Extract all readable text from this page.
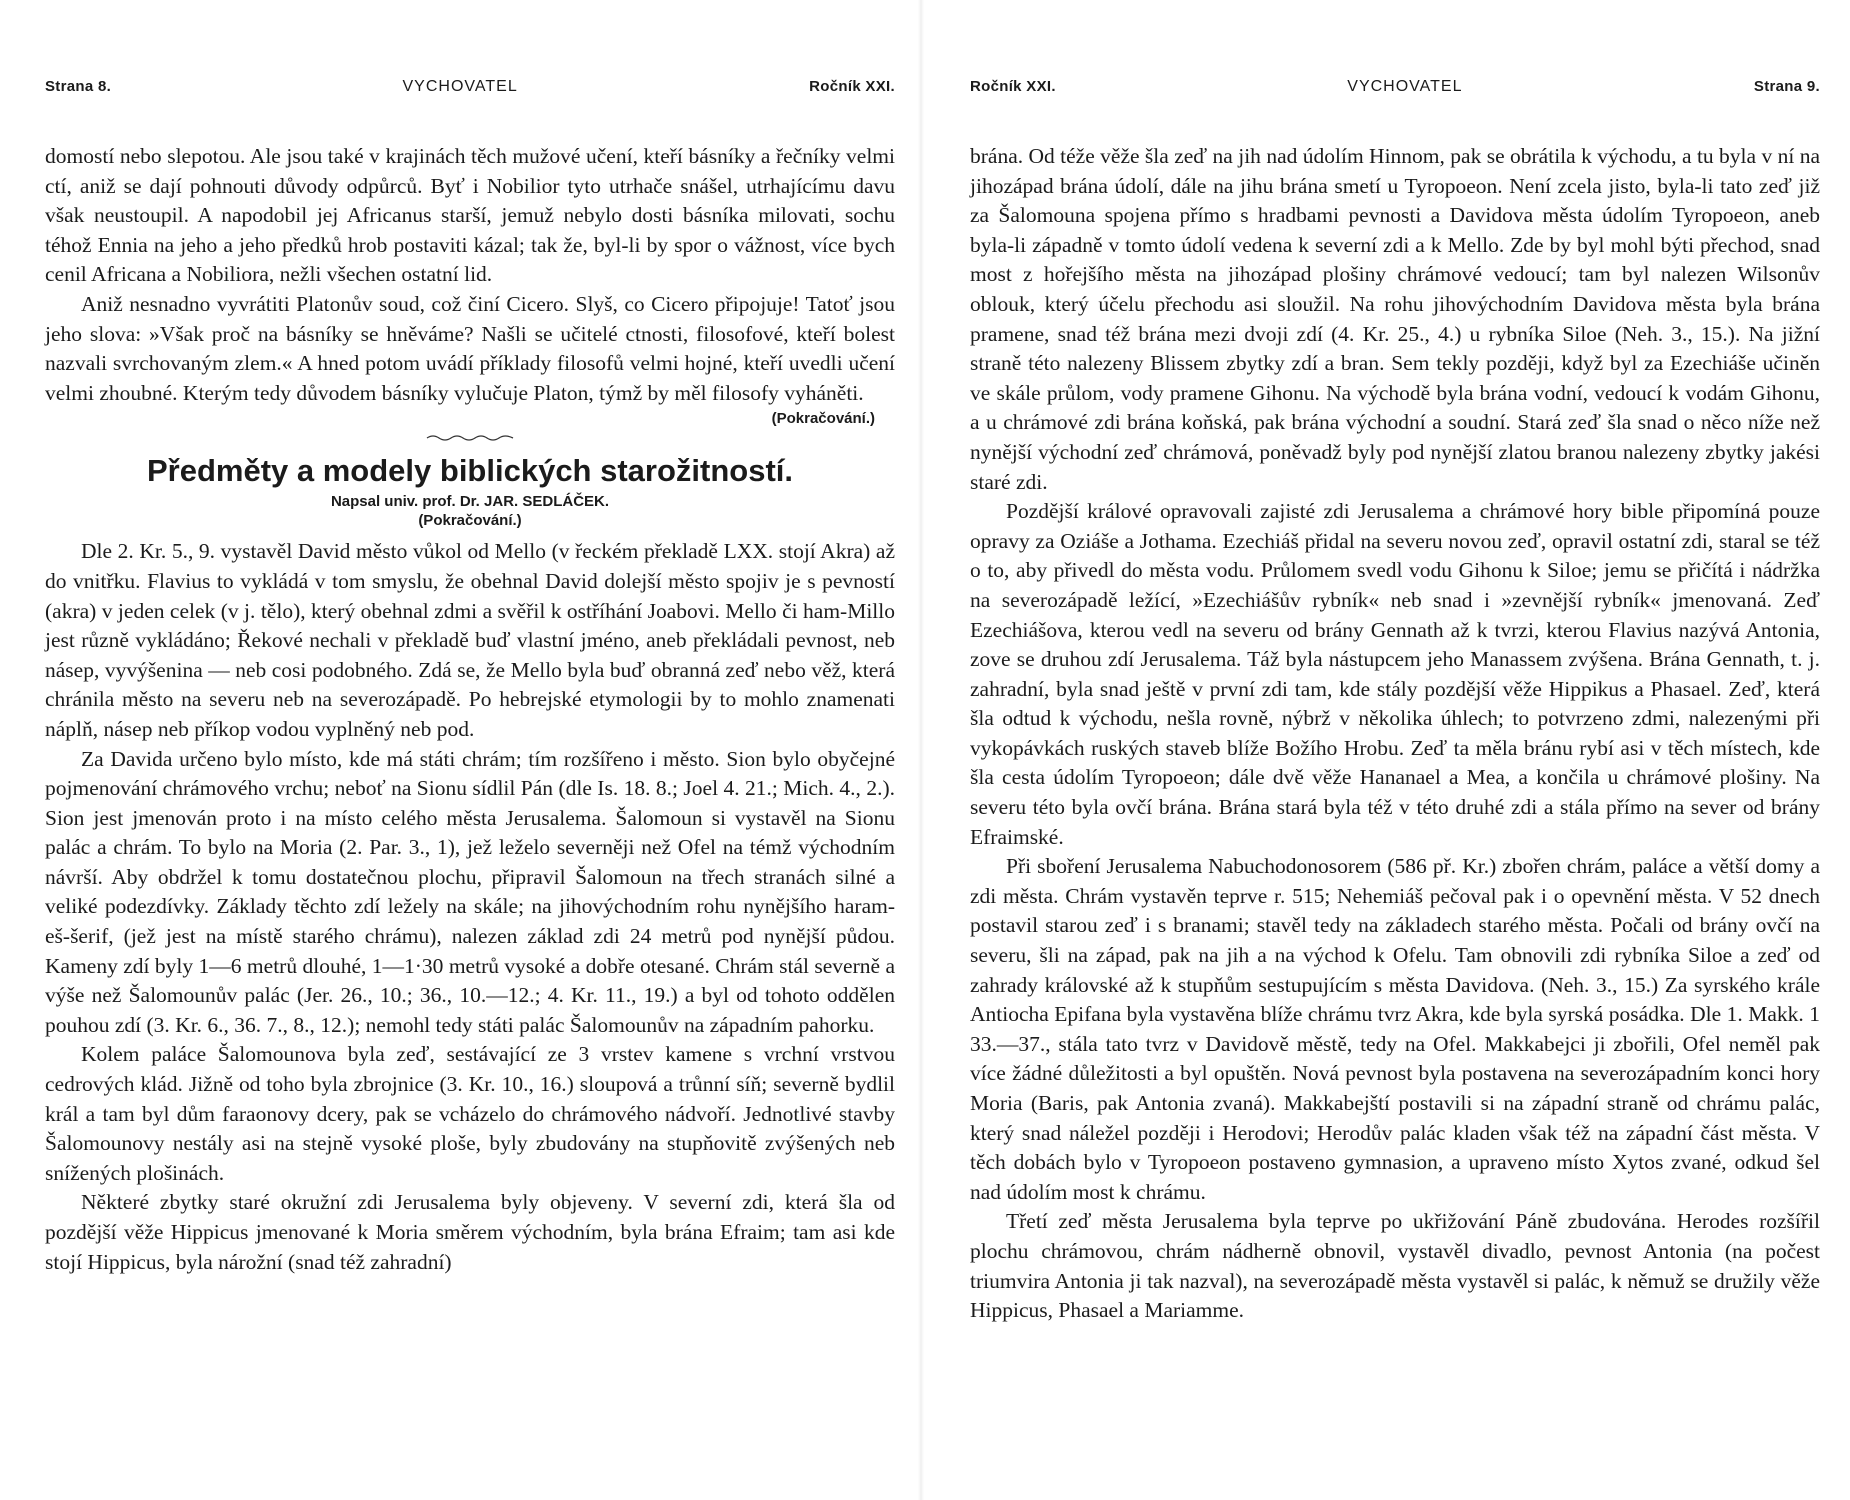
Strana 8.	VYCHOVATEL	Ročník XXI.

domostí nebo slepotou. Ale jsou také v krajinách těch mužové učení, kteří básníky a řečníky velmi ctí, aniž se dají pohnouti důvody odpůrců. Byť i Nobilior tyto utrhače snášel, utrhajícímu davu však neustoupil. A napodobil jej Africanus starší, jemuž nebylo dosti básníka milovati, sochu téhož Ennia na jeho a jeho předků hrob postaviti kázal; tak že, byl-li by spor o vážnost, více bych cenil Africana a Nobiliora, nežli všechen ostatní lid.

Aniž nesnadno vyvrátiti Platonův soud, což činí Cicero. Slyš, co Cicero připojuje! Tatoť jsou jeho slova: »Však proč na básníky se hněváme? Našli se učitelé ctnosti, filosofové, kteří bolest nazvali svrchovaným zlem.« A hned potom uvádí příklady filosofů velmi hojné, kteří uvedli učení velmi zhoubné. Kterým tedy důvodem básníky vylučuje Platon, týmž by měl filosofy vyháněti.

(Pokračování.)
Předměty a modely biblických starožitností.
Napsal univ. prof. Dr. JAR. SEDLÁČEK.
(Pokračování.)

Dle 2. Kr. 5., 9. vystavěl David město vůkol od Mello (v řeckém překladě LXX. stojí Akra) až do vnitřku. Flavius to vykládá v tom smyslu, že obehnal David dolejší město spojiv je s pevností (akra) v jeden celek (v j. tělo), který obehnal zdmi a svěřil k ostříhání Joabovi. Mello či ham-Millo jest různě vykládáno; Řekové nechali v překladě buď vlastní jméno, aneb překládali pevnost, neb násep, vyvýšenina — neb cosi podobného. Zdá se, že Mello byla buď obranná zeď nebo věž, která chránila město na severu neb na severozápadě. Po hebrejské etymologii by to mohlo znamenati náplň, násep neb příkop vodou vyplněný neb pod.

Za Davida určeno bylo místo, kde má státi chrám; tím rozšířeno i město. Sion bylo obyčejné pojmenování chrámového vrchu; neboť na Sionu sídlil Pán (dle Is. 18. 8.; Joel 4. 21.; Mich. 4., 2.). Sion jest jmenován proto i na místo celého města Jerusalema. Šalomoun si vystavěl na Sionu palác a chrám. To bylo na Moria (2. Par. 3., 1), jež leželo severněji než Ofel na témž východním návrší. Aby obdržel k tomu dostatečnou plochu, připravil Šalomoun na třech stranách silné a veliké podezdívky. Základy těchto zdí ležely na skále; na jihovýchodním rohu nynějšího haram-eš-šerif, (jež jest na místě starého chrámu), nalezen základ zdi 24 metrů pod nynější půdou. Kameny zdí byly 1—6 metrů dlouhé, 1—1·30 metrů vysoké a dobře otesané. Chrám stál severně a výše než Šalomounův palác (Jer. 26., 10.; 36., 10.—12.; 4. Kr. 11., 19.) a byl od tohoto oddělen pouhou zdí (3. Kr. 6., 36. 7., 8., 12.); nemohl tedy státi palác Šalomounův na západním pahorku.

Kolem paláce Šalomounova byla zeď, sestávající ze 3 vrstev kamene s vrchní vrstvou cedrových klád. Jižně od toho byla zbrojnice (3. Kr. 10., 16.) sloupová a trůnní síň; severně bydlil král a tam byl dům faraonovy dcery, pak se vcházelo do chrámového nádvoří. Jednotlivé stavby Šalomounovy nestály asi na stejně vysoké ploše, byly zbudovány na stupňovitě zvýšených neb snížených plošinách.

Některé zbytky staré okružní zdi Jerusalema byly objeveny. V severní zdi, která šla od pozdější věže Hippicus jmenované k Moria směrem východním, byla brána Efraim; tam asi kde stojí Hippicus, byla nárožní (snad též zahradní)

Ročník XXI.	VYCHOVATEL	Strana 9.

brána. Od téže věže šla zeď na jih nad údolím Hinnom, pak se obrátila k východu, a tu byla v ní na jihozápad brána údolí, dále na jihu brána smetí u Tyropoeon. Není zcela jisto, byla-li tato zeď již za Šalomouna spojena přímo s hradbami pevnosti a Davidova města údolím Tyropoeon, aneb byla-li západně v tomto údolí vedena k severní zdi a k Mello. Zde by byl mohl býti přechod, snad most z hořejšího města na jihozápad plošiny chrámové vedoucí; tam byl nalezen Wilsonův oblouk, který účelu přechodu asi sloužil. Na rohu jihovýchodním Davidova města byla brána pramene, snad též brána mezi dvoji zdí (4. Kr. 25., 4.) u rybníka Siloe (Neh. 3., 15.). Na jižní straně této nalezeny Blissem zbytky zdí a bran. Sem tekly později, když byl za Ezechiáše učiněn ve skále průlom, vody pramene Gihonu. Na východě byla brána vodní, vedoucí k vodám Gihonu, a u chrámové zdi brána koňská, pak brána východní a soudní. Stará zeď šla snad o něco níže než nynější východní zeď chrámová, poněvadž byly pod nynější zlatou branou nalezeny zbytky jakési staré zdi.

Pozdější králové opravovali zajisté zdi Jerusalema a chrámové hory bible připomíná pouze opravy za Oziáše a Jothama. Ezechiáš přidal na severu novou zeď, opravil ostatní zdi, staral se též o to, aby přivedl do města vodu. Průlomem svedl vodu Gihonu k Siloe; jemu se přičítá i nádržka na severozápadě ležící, »Ezechiášův rybník« neb snad i »zevnější rybník« jmenovaná. Zeď Ezechiášova, kterou vedl na severu od brány Gennath až k tvrzi, kterou Flavius nazývá Antonia, zove se druhou zdí Jerusalema. Táž byla nástupcem jeho Manassem zvýšena. Brána Gennath, t. j. zahradní, byla snad ještě v první zdi tam, kde stály pozdější věže Hippikus a Phasael. Zeď, která šla odtud k východu, nešla rovně, nýbrž v několika úhlech; to potvrzeno zdmi, nalezenými při vykopávkách ruských staveb blíže Božího Hrobu. Zeď ta měla bránu rybí asi v těch místech, kde šla cesta údolím Tyropoeon; dále dvě věže Hananael a Mea, a končila u chrámové plošiny. Na severu této byla ovčí brána. Brána stará byla též v této druhé zdi a stála přímo na sever od brány Efraimské.

Při sboření Jerusalema Nabuchodonosorem (586 př. Kr.) zbořen chrám, paláce a větší domy a zdi města. Chrám vystavěn teprve r. 515; Nehemiáš pečoval pak i o opevnění města. V 52 dnech postavil starou zeď i s branami; stavěl tedy na základech starého města. Počali od brány ovčí na severu, šli na západ, pak na jih a na východ k Ofelu. Tam obnovili zdi rybníka Siloe a zeď od zahrady královské až k stupňům sestupujícím s města Davidova. (Neh. 3., 15.) Za syrského krále Antiocha Epifana byla vystavěna blíže chrámu tvrz Akra, kde byla syrská posádka. Dle 1. Makk. 1 33.—37., stála tato tvrz v Davidově městě, tedy na Ofel. Makkabejci ji zbořili, Ofel neměl pak více žádné důležitosti a byl opuštěn. Nová pevnost byla postavena na severozápadním konci hory Moria (Baris, pak Antonia zvaná). Makkabejští postavili si na západní straně od chrámu palác, který snad náležel později i Herodovi; Herodův palác kladen však též na západní část města. V těch dobách bylo v Tyropoeon postaveno gymnasion, a upraveno místo Xytos zvané, odkud šel nad údolím most k chrámu.

Třetí zeď města Jerusalema byla teprve po ukřižování Páně zbudována. Herodes rozšířil plochu chrámovou, chrám nádherně obnovil, vystavěl divadlo, pevnost Antonia (na počest triumvira Antonia ji tak nazval), na severozápadě města vystavěl si palác, k němuž se družily věže Hippicus, Phasael a Mariamme.
